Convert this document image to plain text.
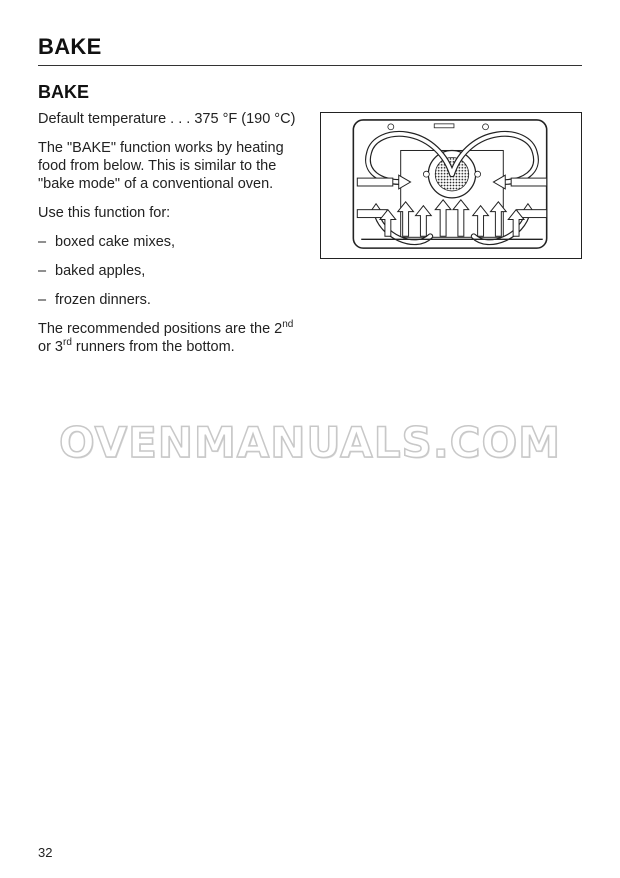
BAKE
BAKE

Default temperature . . . 375 °F (190 °C)

The "BAKE" function works by heating food from below. This is similar to the "bake mode" of a conventional oven.

Use this function for:

– boxed cake mixes,
– baked apples,
– frozen dinners.

The recommended positions are the 2nd
or 3rd runners from the bottom.

OVENMANUALS.COM
32
